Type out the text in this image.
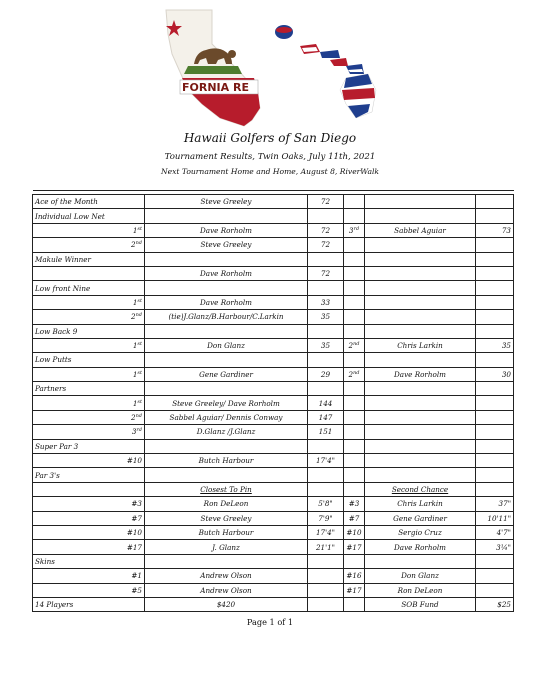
FORNIA RE
Hawaii Golfers of San Diego
Tournament Results, Twin Oaks, July 11th, 2021
Next Tournament Home and Home, August 8, RiverWalk

Ace of the Month	Steve Greeley	72			
Individual Low Net					
1st	Dave Rorholm	72	3rd	Sabbel Aguiar	73
2nd	Steve Greeley	72			
Makule Winner					
	Dave Rorholm	72			
Low front Nine					
1st	Dave Rorholm	33			
2nd	(tie)J.Glanz/B.Harbour/C.Larkin	35			
Low Back 9					
1st	Don Glanz	35	2nd	Chris Larkin	35
Low Putts					
1st	Gene Gardiner	29	2nd	Dave Rorholm	30
Partners					
1st	Steve Greeley/ Dave Rorholm	144			
2nd	Sabbel Aguiar/ Dennis Conway	147			
3rd	D.Glanz /J.Glanz	151			
Super Par 3					
#10	Butch Harbour	17'4"			
Par 3's					
	Closest To Pin			Second Chance	
#3	Ron DeLeon	5'8"	#3	Chris Larkin	37"
#7	Steve Greeley	7'9"	#7	Gene Gardiner	10'11"
#10	Butch Harbour	17'4"	#10	Sergio Cruz	4'7"
#17	J. Glanz	21'1"	#17	Dave Rorholm	3¼"
Skins					
#1	Andrew Olson		#16	Don Glanz	
#5	Andrew Olson		#17	Ron DeLeon	
14 Players	$420			SOB Fund	$25
Page 1 of 1
